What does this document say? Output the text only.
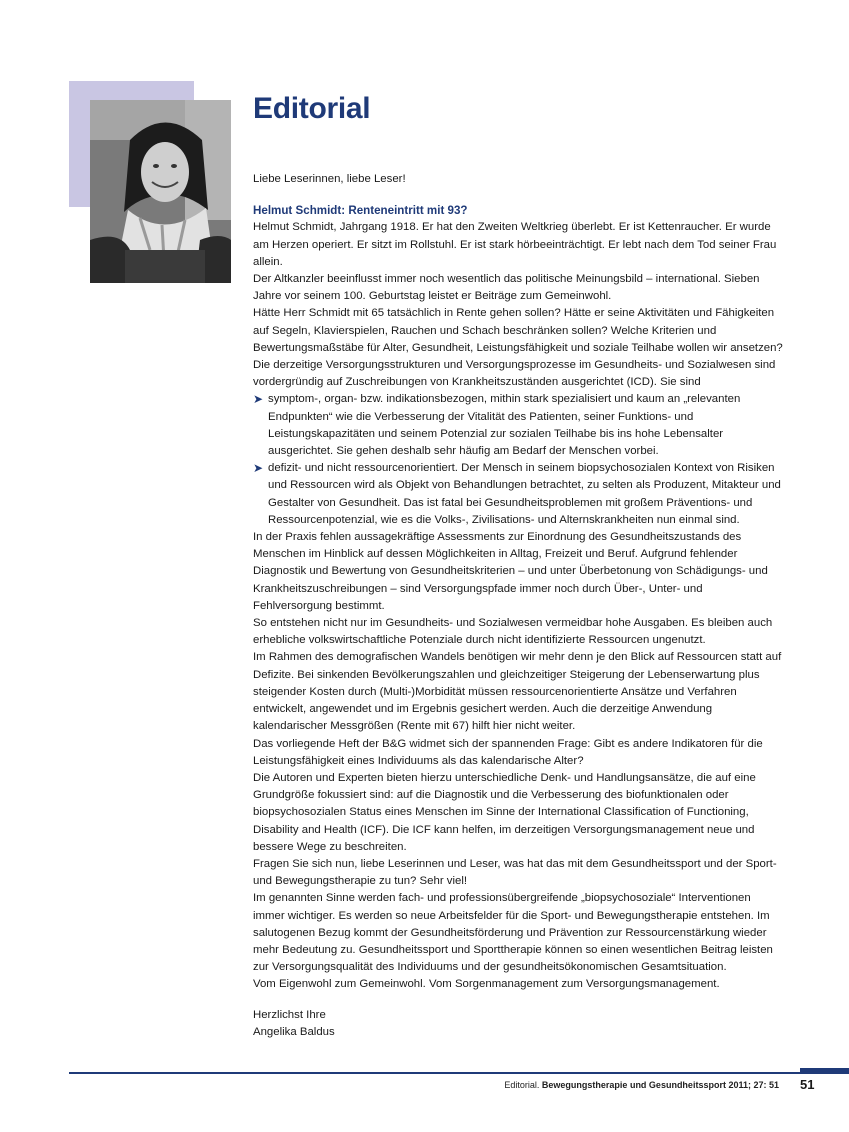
Editorial

Liebe Leserinnen, liebe Leser!

Helmut Schmidt: Renteneintritt mit 93?

Helmut Schmidt, Jahrgang 1918. Er hat den Zweiten Weltkrieg überlebt. Er ist Kettenraucher. Er wurde am Herzen operiert. Er sitzt im Rollstuhl. Er ist stark hörbeeinträchtigt. Er lebt nach dem Tod seiner Frau allein.

Der Altkanzler beeinflusst immer noch wesentlich das politische Meinungsbild – international. Sieben Jahre vor seinem 100. Geburtstag leistet er Beiträge zum Gemeinwohl.

Hätte Herr Schmidt mit 65 tatsächlich in Rente gehen sollen? Hätte er seine Aktivitäten und Fähigkeiten auf Segeln, Klavierspielen, Rauchen und Schach beschränken sollen? Welche Kriterien und Bewertungsmaßstäbe für Alter, Gesundheit, Leistungsfähigkeit und soziale Teilhabe wollen wir ansetzen?

Die derzeitige Versorgungsstrukturen und Versorgungsprozesse im Gesundheits- und Sozialwesen sind vordergründig auf Zuschreibungen von Krankheitszuständen ausgerichtet (ICD). Sie sind

➤ symptom-, organ- bzw. indikationsbezogen, mithin stark spezialisiert und kaum an „relevanten Endpunkten“ wie die Verbesserung der Vitalität des Patienten, seiner Funktions- und Leistungskapazitäten und seinem Potenzial zur sozialen Teilhabe bis ins hohe Lebensalter ausgerichtet. Sie gehen deshalb sehr häufig am Bedarf der Menschen vorbei.
➤ defizit- und nicht ressourcenorientiert. Der Mensch in seinem biopsychosozialen Kontext von Risiken und Ressourcen wird als Objekt von Behandlungen betrachtet, zu selten als Produzent, Mitakteur und Gestalter von Gesundheit. Das ist fatal bei Gesundheitsproblemen mit großem Präventions- und Ressourcenpotenzial, wie es die Volks-, Zivilisations- und Alternskrankheiten nun einmal sind.

In der Praxis fehlen aussagekräftige Assessments zur Einordnung des Gesundheitszustands des Menschen im Hinblick auf dessen Möglichkeiten in Alltag, Freizeit und Beruf. Aufgrund fehlender Diagnostik und Bewertung von Gesundheitskriterien – und unter Überbetonung von Schädigungs- und Krankheitszuschreibungen – sind Versorgungspfade immer noch durch Über-, Unter- und Fehlversorgung bestimmt.

So entstehen nicht nur im Gesundheits- und Sozialwesen vermeidbar hohe Ausgaben. Es bleiben auch erhebliche volkswirtschaftliche Potenziale durch nicht identifizierte Ressourcen ungenutzt.

Im Rahmen des demografischen Wandels benötigen wir mehr denn je den Blick auf Ressourcen statt auf Defizite. Bei sinkenden Bevölkerungszahlen und gleichzeitiger Steigerung der Lebenserwartung plus steigender Kosten durch (Multi-)Morbidität müssen ressourcenorientierte Ansätze und Verfahren entwickelt, angewendet und im Ergebnis gesichert werden. Auch die derzeitige Anwendung kalendarischer Messgrößen (Rente mit 67) hilft hier nicht weiter.

Das vorliegende Heft der B&G widmet sich der spannenden Frage: Gibt es andere Indikatoren für die Leistungsfähigkeit eines Individuums als das kalendarische Alter?

Die Autoren und Experten bieten hierzu unterschiedliche Denk- und Handlungsansätze, die auf eine Grundgröße fokussiert sind: auf die Diagnostik und die Verbesserung des biofunktionalen oder biopsychosozialen Status eines Menschen im Sinne der International Classification of Functioning, Disability and Health (ICF). Die ICF kann helfen, im derzeitigen Versorgungsmanagement neue und bessere Wege zu beschreiten.

Fragen Sie sich nun, liebe Leserinnen und Leser, was hat das mit dem Gesundheitssport und der Sport- und Bewegungstherapie zu tun? Sehr viel!

Im genannten Sinne werden fach- und professionsübergreifende „biopsychosoziale“ Interventionen immer wichtiger. Es werden so neue Arbeitsfelder für die Sport- und Bewegungstherapie entstehen. Im salutogenen Bezug kommt der Gesundheitsförderung und Prävention zur Ressourcenstärkung wieder mehr Bedeutung zu. Gesundheitssport und Sporttherapie können so einen wesentlichen Beitrag leisten zur Versorgungsqualität des Individuums und der gesundheitsökonomischen Gesamtsituation.

Vom Eigenwohl zum Gemeinwohl. Vom Sorgenmanagement zum Versorgungsmanagement.

Herzlichst Ihre

Angelika Baldus

Editorial. Bewegungstherapie und Gesundheitssport 2011; 27: 51 51
